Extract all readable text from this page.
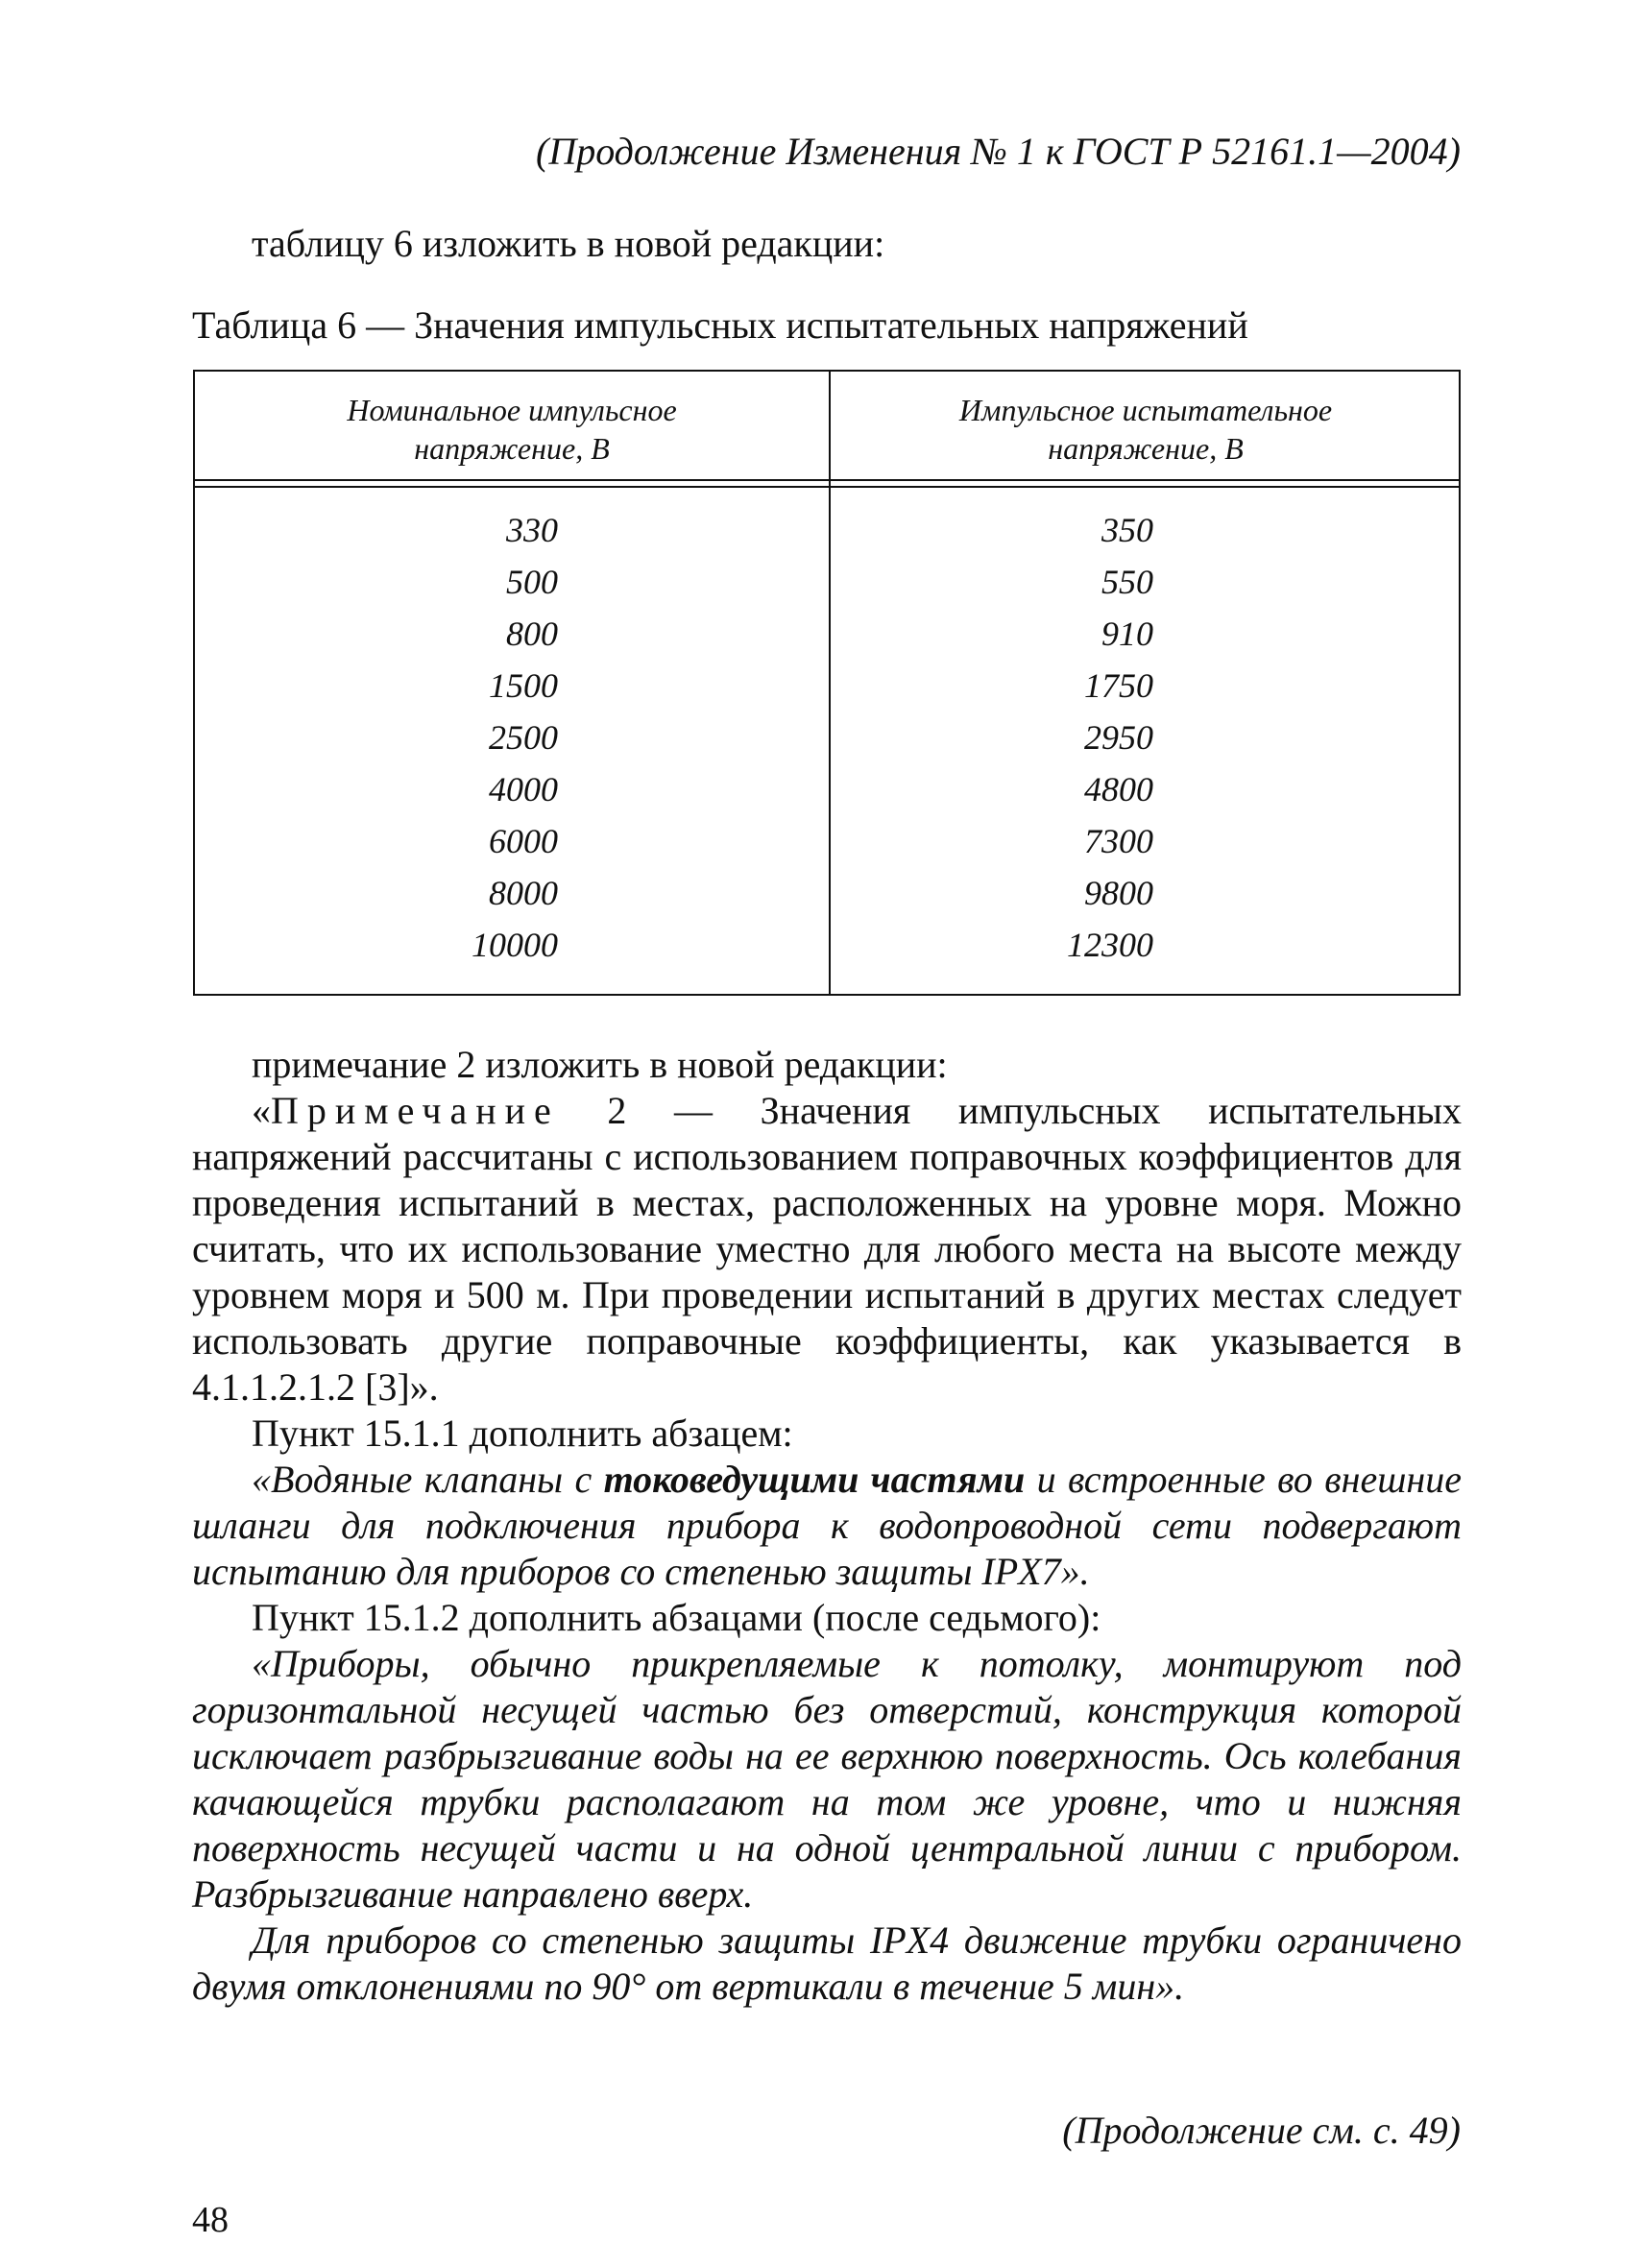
(Продолжение Изменения № 1 к ГОСТ Р 52161.1—2004)
таблицу 6 изложить в новой редакции:
Таблица 6 — Значения импульсных испытательных напряжений
Номинальное импульсное
напряжение, В
Импульсное испытательное
напряжение, В
330
500
800
1500
2500
4000
6000
8000
10000
350
550
910
1750
2950
4800
7300
9800
12300

примечание 2 изложить в новой редакции:

«Примечание 2 — Значения импульсных испытательных напряжений рассчитаны с использованием поправочных коэффициентов для проведения испытаний в местах, расположенных на уровне моря. Можно считать, что их использование уместно для любого места на высоте между уровнем моря и 500 м. При проведении испытаний в других местах следует использовать другие поправочные коэффициенты, как указывается в 4.1.1.2.1.2 [3]».

Пункт 15.1.1 дополнить абзацем:

«Водяные клапаны с токоведущими частями и встроенные во внешние шланги для подключения прибора к водопроводной сети подвергают испытанию для приборов со степенью защиты IPX7».

Пункт 15.1.2 дополнить абзацами (после седьмого):

«Приборы, обычно прикрепляемые к потолку, монтируют под горизонтальной несущей частью без отверстий, конструкция которой исключает разбрызгивание воды на ее верхнюю поверхность. Ось колебания качающейся трубки располагают на том же уровне, что и нижняя поверхность несущей части и на одной центральной линии с прибором. Разбрызгивание направлено вверх.

Для приборов со степенью защиты IPX4 движение трубки ограничено двумя отклонениями по 90° от вертикали в течение 5 мин».

(Продолжение см. с. 49)
48
